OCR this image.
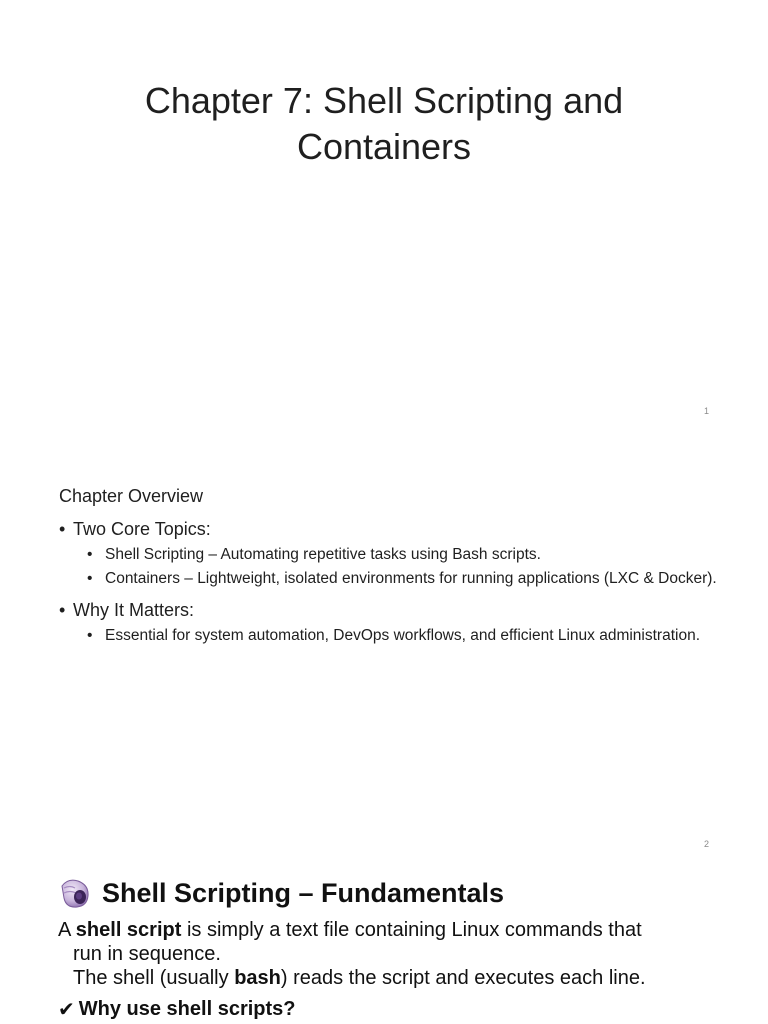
Chapter 7: Shell Scripting and Containers
1
Chapter Overview
• Two Core Topics:
• Shell Scripting – Automating repetitive tasks using Bash scripts.
• Containers – Lightweight, isolated environments for running applications (LXC & Docker).
• Why It Matters:
• Essential for system automation, DevOps workflows, and efficient Linux administration.
2
Shell Scripting – Fundamentals

A shell script is simply a text file containing Linux commands that
run in sequence.
The shell (usually bash) reads the script and executes each line.

✔ Why use shell scripts?
